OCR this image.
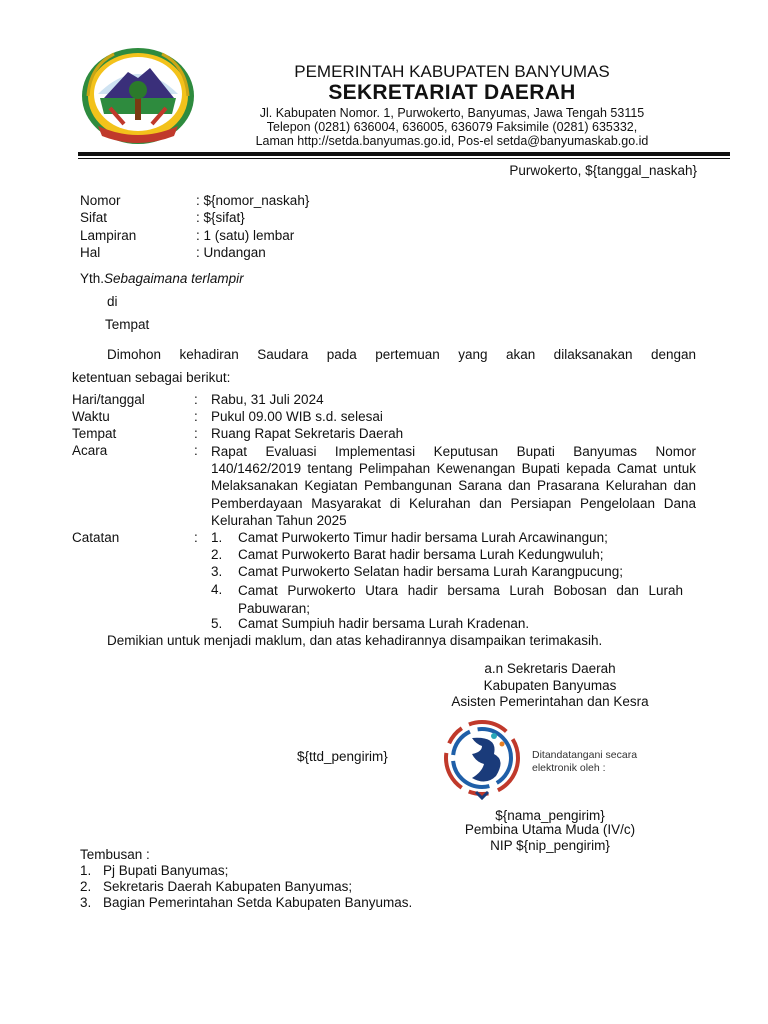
PEMERINTAH KABUPATEN BANYUMAS
SEKRETARIAT DAERAH
Jl. Kabupaten Nomor. 1, Purwokerto, Banyumas, Jawa Tengah 53115
Telepon (0281) 636004, 636005, 636079 Faksimile (0281) 635332,
Laman http://setda.banyumas.go.id, Pos-el setda@banyumaskab.go.id
Purwokerto, ${tanggal_naskah}
Nomor	: ${nomor_naskah}
Sifat	: ${sifat}
Lampiran	: 1 (satu) lembar
Hal	: Undangan
Yth.Sebagaimana terlampir
di
Tempat
Dimohon kehadiran Saudara pada pertemuan yang akan dilaksanakan dengan
ketentuan sebagai berikut:
Hari/tanggal	: Rabu, 31 Juli 2024
Waktu	: Pukul 09.00 WIB s.d. selesai
Tempat	: Ruang Rapat Sekretaris Daerah
Acara	: Rapat Evaluasi Implementasi Keputusan Bupati Banyumas Nomor 140/1462/2019 tentang Pelimpahan Kewenangan Bupati kepada Camat untuk Melaksanakan Kegiatan Pembangunan Sarana dan Prasarana Kelurahan dan Pemberdayaan Masyarakat di Kelurahan dan Persiapan Pengelolaan Dana Kelurahan Tahun 2025
Catatan	: 1. Camat Purwokerto Timur hadir bersama Lurah Arcawinangun;
2. Camat Purwokerto Barat hadir bersama Lurah Kedungwuluh;
3. Camat Purwokerto Selatan hadir bersama Lurah Karangpucung;
4. Camat Purwokerto Utara hadir bersama Lurah Bobosan dan Lurah Pabuwaran;
5. Camat Sumpiuh hadir bersama Lurah Kradenan.
Demikian untuk menjadi maklum, dan atas kehadirannya disampaikan terimakasih.
a.n Sekretaris Daerah
Kabupaten Banyumas
Asisten Pemerintahan dan Kesra
${ttd_pengirim}	Ditandatangani secara elektronik oleh :
${nama_pengirim}
Pembina Utama Muda (IV/c)
NIP ${nip_pengirim}
Tembusan :
1. Pj Bupati Banyumas;
2. Sekretaris Daerah Kabupaten Banyumas;
3. Bagian Pemerintahan Setda Kabupaten Banyumas.
